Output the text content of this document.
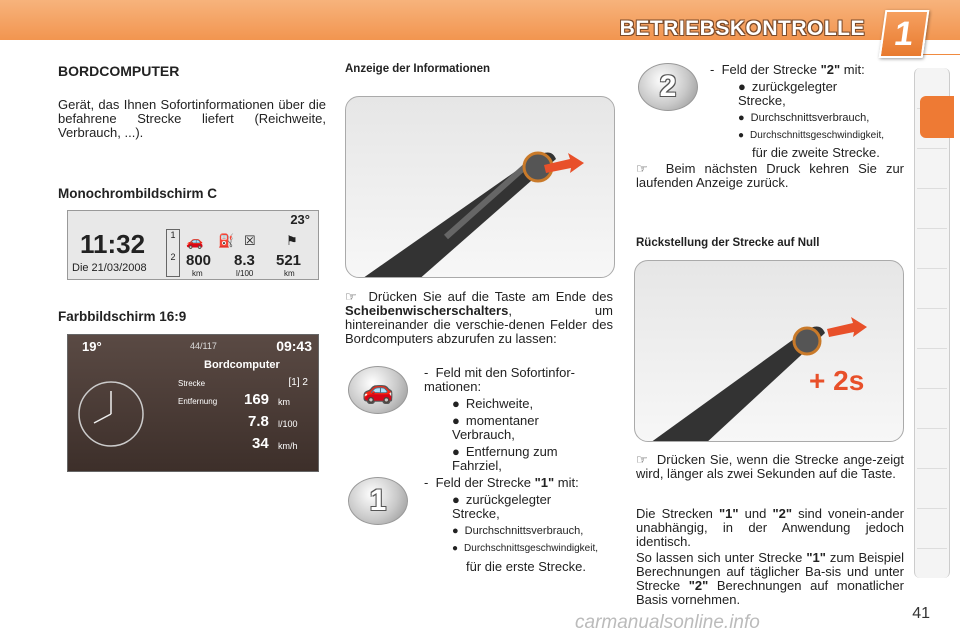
BETRIEBSKONTROLLE 1
BORDCOMPUTER

Gerät, das Ihnen Sofortinformationen über die befahrene Strecke liefert (Reichweite, Verbrauch, ...).

Monochrombildschirm C
11:32
Die 21/03/2008
23°
1
2
🚗 ⛽ ☒ ⚑
800 8.3 521
km	l/100	km
Farbbildschirm 16:9
19°	44/117	09:43
Bordcomputer
Strecke	[1] 2
Entfernung 169 km
7.8 l/100
34 km/h
Anzeige der Informationen

☞ Drücken Sie auf die Taste am Ende des Scheibenwischerschalters, um hintereinander die verschie-denen Felder des Bordcomputers abzurufen zu lassen:

🚗

-  Feld mit den Sofortinfor-mationen:

● Reichweite,

● momentaner Verbrauch,

● Entfernung zum Fahrziel,

1

-  Feld der Strecke "1" mit:

● zurückgelegter Strecke,

● Durchschnittsverbrauch,

● Durchschnittsgeschwindigkeit,

für die erste Strecke.

2

-  Feld der Strecke "2" mit:

● zurückgelegter Strecke,

● Durchschnittsverbrauch,

● Durchschnittsgeschwindigkeit,

für die zweite Strecke.

☞ Beim nächsten Druck kehren Sie zur laufenden Anzeige zurück.

Rückstellung der Strecke auf Null
+ 2s

☞ Drücken Sie, wenn die Strecke ange-zeigt wird, länger als zwei Sekunden auf die Taste.

Die Strecken "1" und "2" sind vonein-ander unabhängig, in der Anwendung jedoch identisch.

So lassen sich unter Strecke "1" zum Beispiel Berechnungen auf täglicher Ba-sis und unter Strecke "2" Berechnungen auf monatlicher Basis vornehmen.

41
carmanualsonline.info
